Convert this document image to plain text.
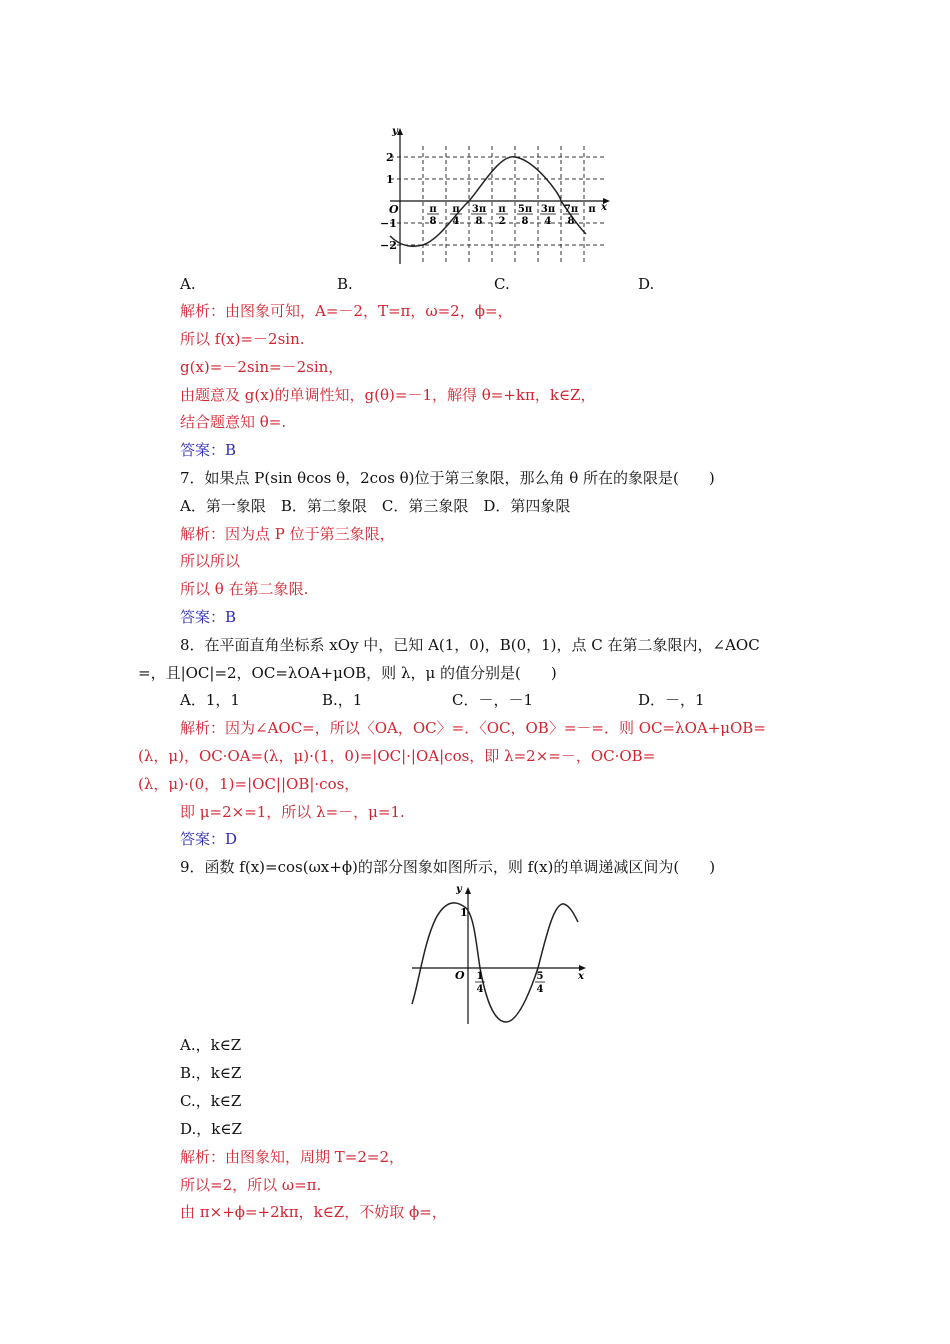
y
x
O
2
1
−1
−2
π
8
π
4
3π
8
π
2
5π
8
3π
4
7π
8
π
A.	B.	C.	D.
解析：由图象可知，A=－2，T=π，ω=2，ϕ=，
所以 f(x)=－2sin.
g(x)=－2sin=－2sin，
由题意及 g(x)的单调性知，g(θ)=－1，解得 θ=+kπ，k∈Z，
结合题意知 θ=.
答案：B
7．如果点 P(sin θcos θ，2cos θ)位于第三象限，那么角 θ 所在的象限是(　　)
A．第一象限　B．第二象限　C．第三象限　D．第四象限
解析：因为点 P 位于第三象限，
所以所以
所以 θ 在第二象限.
答案：B
8．在平面直角坐标系 xOy 中，已知 A(1，0)，B(0，1)，点 C 在第二象限内，∠AOC
=，且|OC|=2，OC=λOA+μOB，则 λ，μ 的值分别是(　　)
A．1，1	B.，1	C．－，－1	D．－，1
解析：因为∠AOC=，所以〈OA，OC〉=．〈OC，OB〉=－=．则 OC=λOA+μOB=
(λ，μ)，OC·OA=(λ，μ)·(1，0)=|OC|·|OA|cos，即 λ=2×=－，OC·OB=
(λ，μ)·(0，1)=|OC||OB|·cos，
即 μ=2×=1，所以 λ=－，μ=1.
答案：D
9．函数 f(x)=cos(ωx+ϕ)的部分图象如图所示，则 f(x)的单调递减区间为(　　)
y
x
O
1
1
4
5
4
A.，k∈Z
B.，k∈Z
C.，k∈Z
D.，k∈Z
解析：由图象知，周期 T=2=2，
所以=2，所以 ω=π.
由 π×+ϕ=+2kπ，k∈Z，不妨取 ϕ=，
